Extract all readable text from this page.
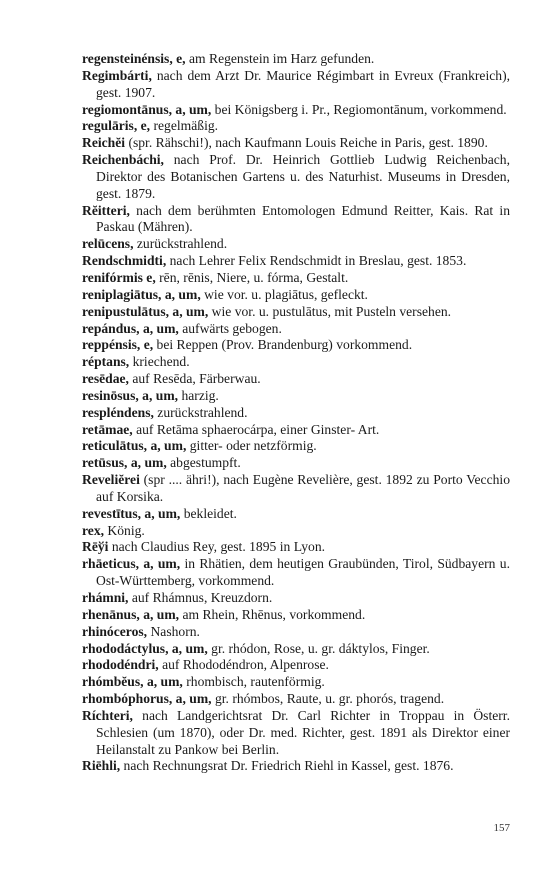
regensteinénsis, e, am Regenstein im Harz gefunden.

Regimbárti, nach dem Arzt Dr. Maurice Régimbart in Evreux (Frankreich), gest. 1907.

regiomontānus, a, um, bei Königsberg i. Pr., Regiomontānum, vorkommend.

regulāris, e, regelmäßig.

Reichĕi (spr. Rähschi!), nach Kaufmann Louis Reiche in Paris, gest. 1890.

Reichenbáchi, nach Prof. Dr. Heinrich Gottlieb Ludwig Reichenbach, Direktor des Botanischen Gartens u. des Naturhist. Museums in Dresden, gest. 1879.

Rĕitteri, nach dem berühmten Entomologen Edmund Reitter, Kais. Rat in Paskau (Mähren).

relūcens, zurückstrahlend.

Rendschmidti, nach Lehrer Felix Rendschmidt in Breslau, gest. 1853.

renifórmis e, rēn, rēnis, Niere, u. fórma, Gestalt.

reniplagiātus, a, um, wie vor. u. plagiātus, gefleckt.

renipustulātus, a, um, wie vor. u. pustulātus, mit Pusteln versehen.

repándus, a, um, aufwärts gebogen.

reppénsis, e, bei Reppen (Prov. Brandenburg) vorkommend.

réptans, kriechend.

resēdae, auf Resēda, Färberwau.

resinōsus, a, um, harzig.

respléndens, zurückstrahlend.

retāmae, auf Retāma sphaerocárpa, einer Ginster- Art.

reticulātus, a, um, gitter- oder netzförmig.

retūsus, a, um, abgestumpft.

Reveliĕrei (spr .... ähri!), nach Eugène Revelière, gest. 1892 zu Porto Vecchio auf Korsika.

revestītus, a, um, bekleidet.

rex, König.

Rēўi nach Claudius Rey, gest. 1895 in Lyon.

rhāeticus, a, um, in Rhätien, dem heutigen Graubünden, Tirol, Südbayern u. Ost-Württemberg, vorkommend.

rhámni, auf Rhámnus, Kreuzdorn.

rhenānus, a, um, am Rhein, Rhēnus, vorkommend.

rhinóceros, Nashorn.

rhododáctylus, a, um, gr. rhódon, Rose, u. gr. dáktylos, Finger.

rhododéndri, auf Rhododéndron, Alpenrose.

rhómbĕus, a, um, rhombisch, rautenförmig.

rhombóphorus, a, um, gr. rhómbos, Raute, u. gr. phorós, tragend.

Ríchteri, nach Landgerichtsrat Dr. Carl Richter in Troppau in Österr. Schlesien (um 1870), oder Dr. med. Richter, gest. 1891 als Direktor einer Heilanstalt zu Pankow bei Berlin.

Riēhli, nach Rechnungsrat Dr. Friedrich Riehl in Kassel, gest. 1876.

157
